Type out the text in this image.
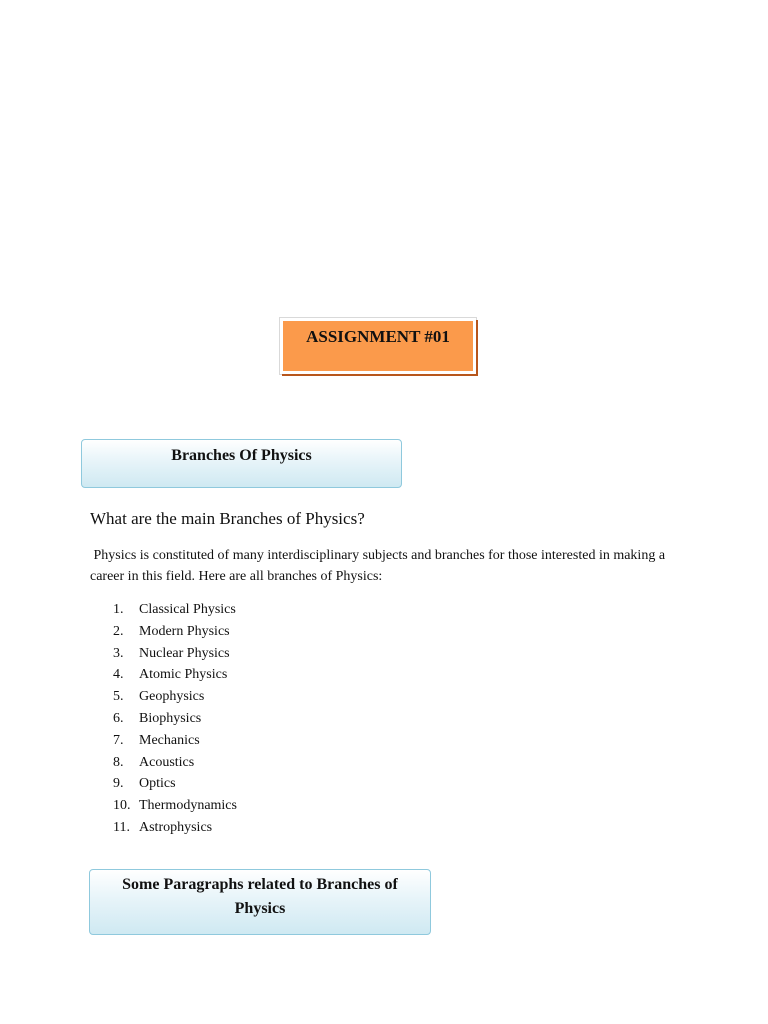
ASSIGNMENT #01
Branches Of Physics
What are the main Branches of Physics?
Physics is constituted of many interdisciplinary subjects and branches for those interested in making a career in this field. Here are all branches of Physics:
1. Classical Physics
2. Modern Physics
3. Nuclear Physics
4. Atomic Physics
5. Geophysics
6. Biophysics
7. Mechanics
8. Acoustics
9. Optics
10. Thermodynamics
11. Astrophysics
Some Paragraphs related to Branches of
Physics
